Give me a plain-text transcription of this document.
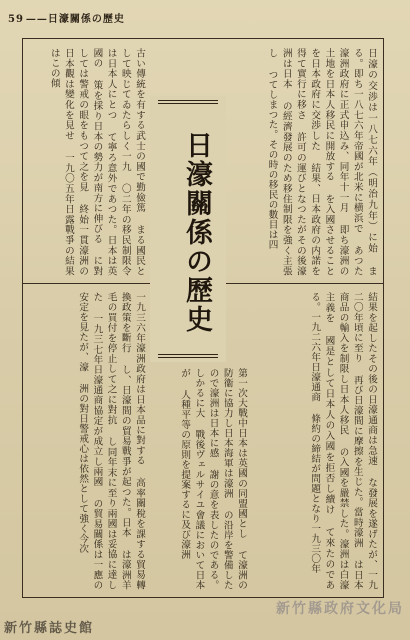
59 ——日濠關係の歷史
日濠の交渉は一八七六年（明治九年）に始 まる。即ち一八七六年帝國が北米に横浜で あつた濠洲政府に正式申込み、同年十一月 即ち濠洲の土地を日本人移民に開放する を入國させることを日本政府に交渉した 結果、日本政府の内諾を得て實行に移さ 許可の運びとなつたがその後濠洲は日本 の經濟發展のため移住制限を強く主張し つてしまつた。その時の移民の數目は四
古い傳統を有する武士の國で勤儉篤 まる國民として映じてゐたらしく一九 〇二年の移民制限令は日本人にとつ て寧ろ意外であつた。日本は英國の 策を採り日本の勢力が南方に伸びる に對しては警戒の眼をもつて之を見 終始一貫濠洲の日本觀は變化を見せ 一九〇五年日露戰爭の結果はこの傾
結果を起したその後の日濠通商は急速 な發展を遂げたが、一九二〇年頃に至り 再び日濠間に摩擦を生じた。當時濠洲 は日本商品の輸入を制限し日本人移民 の入國を嚴禁した。濠洲は白濠主義を 國是として日本人の入國を拒否し續け て來たのである。一九二六年日濠通商 條約の締結が問題となり一九三〇年
第一次大戰中日本は英國の同盟國とし て濠洲の防衞に協力し日本海軍は濠洲 の沿岸を警備したので濠洲は日本に感 謝の意を表したのである。しかるに大 戰後ヴェルサイユ會議において日本が 人種平等の原則を提案するに及び濠洲
一九三六年濠洲政府は日本品に對する 高率關稅を課する貿易轉換政策を斷行 し、日濠間の貿易戰爭が起つた。日本 は濠洲羊毛の買付を停止して之に對抗 し同年末に至り兩國は妥協に達した 一九三七年日濠通商協定が成立し兩國 の貿易關係は一應の安定を見たが、濠 洲の對日警戒心は依然として強く今次
日濠關係の歷史
新竹縣政府文化局
新竹縣誌史館
